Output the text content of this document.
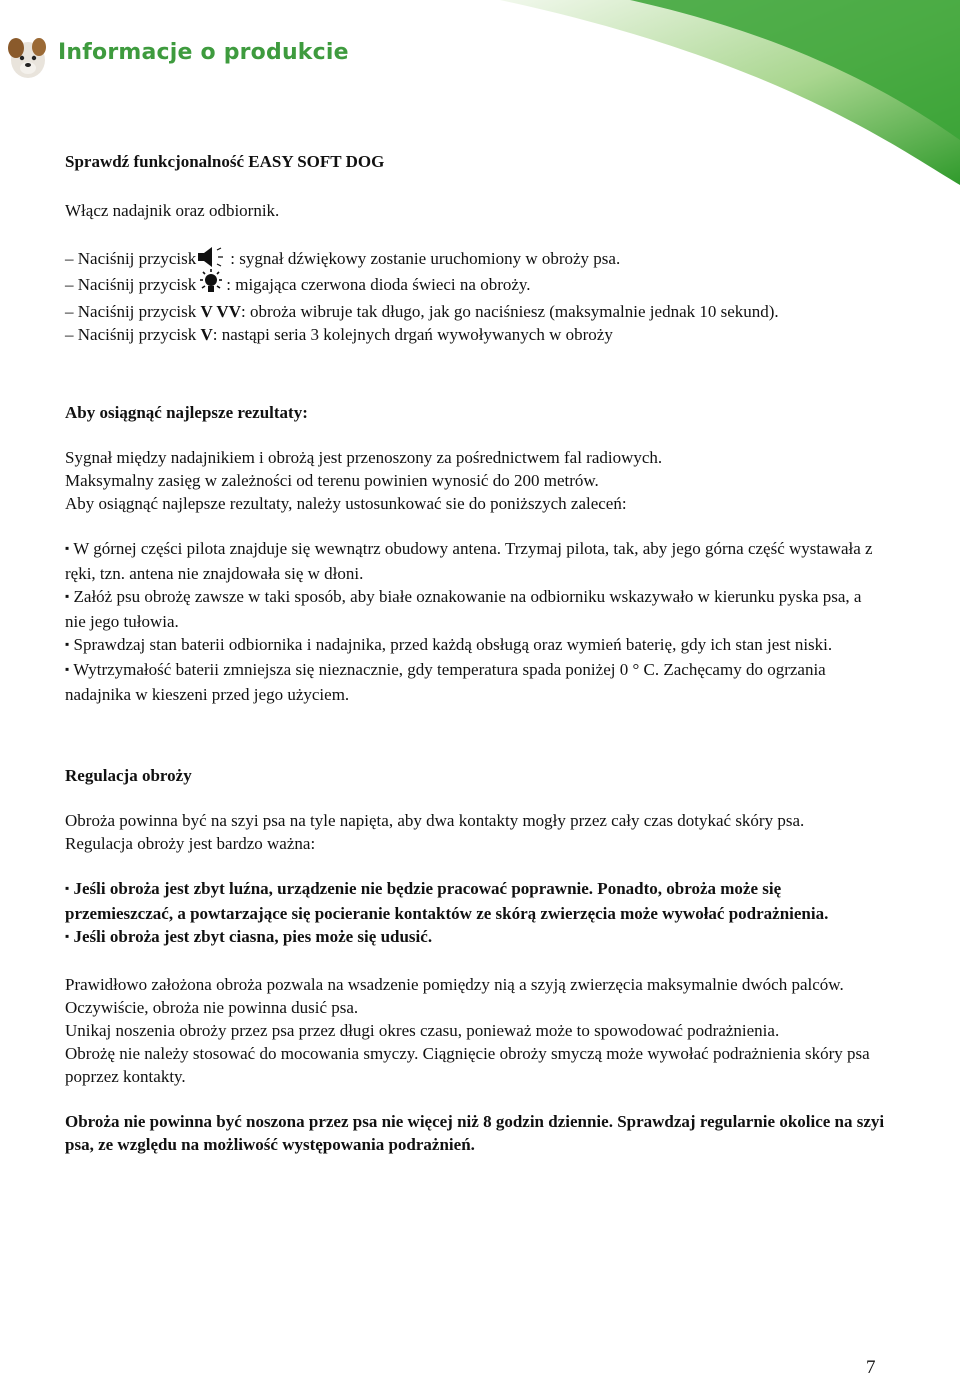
Informacje o produkcie

Sprawdź funkcjonalność EASY SOFT DOG

Włącz nadajnik oraz odbiornik.

– Naciśnij przycisk : sygnał dźwiękowy zostanie uruchomiony w obroży psa.

– Naciśnij przycisk : migająca czerwona dioda świeci na obroży.

– Naciśnij przycisk V VV: obroża wibruje tak długo, jak go naciśniesz (maksymalnie jednak 10 sekund).

– Naciśnij przycisk V: nastąpi seria 3 kolejnych drgań wywoływanych w obroży

Aby osiągnąć najlepsze rezultaty:

Sygnał między nadajnikiem i obrożą jest przenoszony za pośrednictwem fal radiowych.

Maksymalny zasięg w zależności od terenu powinien wynosić do 200 metrów.

Aby osiągnąć najlepsze rezultaty, należy ustosunkować sie do poniższych zaleceń:

▪ W górnej części pilota znajduje się wewnątrz obudowy antena. Trzymaj pilota, tak, aby jego górna część wystawała z ręki, tzn. antena nie znajdowała się w dłoni.

▪ Załóż psu obrożę zawsze w taki sposób, aby białe oznakowanie na odbiorniku wskazywało w kierunku pyska psa, a nie jego tułowia.

▪ Sprawdzaj stan baterii odbiornika i nadajnika, przed każdą obsługą oraz wymień baterię, gdy ich stan jest niski.

▪ Wytrzymałość baterii zmniejsza się nieznacznie, gdy temperatura spada poniżej 0 ° C. Zachęcamy do ogrzania nadajnika w kieszeni przed jego użyciem.

Regulacja obroży

Obroża powinna być na szyi psa na tyle napięta, aby dwa kontakty mogły przez cały czas dotykać skóry psa.

Regulacja obroży jest bardzo ważna:

▪ Jeśli obroża jest zbyt luźna, urządzenie nie będzie pracować poprawnie. Ponadto, obroża może się przemieszczać, a powtarzające się pocieranie kontaktów ze skórą zwierzęcia może wywołać podrażnienia.

▪ Jeśli obroża jest zbyt ciasna, pies może się udusić.

Prawidłowo założona obroża pozwala na wsadzenie pomiędzy nią a szyją zwierzęcia maksymalnie dwóch palców. Oczywiście, obroża nie powinna dusić psa.

Unikaj noszenia obroży przez psa przez długi okres czasu, ponieważ może to spowodować podrażnienia.

Obrożę nie należy stosować do mocowania smyczy. Ciągnięcie obroży smyczą może wywołać podrażnienia skóry psa poprzez kontakty.

Obroża nie powinna być noszona przez psa nie więcej niż 8 godzin dziennie. Sprawdzaj regularnie okolice na szyi psa, ze względu na możliwość występowania podrażnień.

7
